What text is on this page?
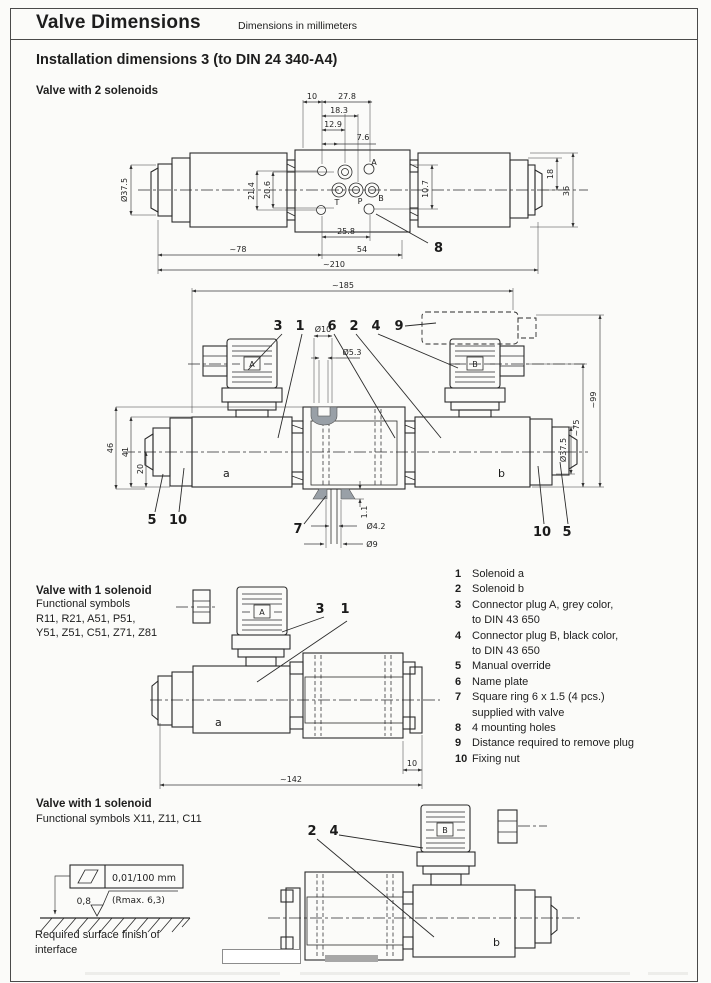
Valve Dimensions	Dimensions in millimeters
Installation dimensions 3 (to DIN 24 340-A4)
Valve with 2 solenoids
A
T P B
10	27.8
18.3
12.9
7.6
21.4 20.6	10.7
Ø37.5
18
36
25.8
~78	54
~210
8
A	B
a	b
~185
Ø10
Ø5.3
46 41
20
1.1
Ø4.2
Ø9
Ø37.5
~75
~99
3 1 6 2 4 9
5 10
7	10 5
Valve with 1 solenoid
Functional symbols
R11, R21, A51, P51,
Y51, Z51, C51, Z71, Z81
A
a
3 1
10
~142
1 Solenoid a
2 Solenoid b
3 Connector plug A, grey color,
to DIN 43 650
4 Connector plug B, black color,
to DIN 43 650
5 Manual override
6 Name plate
7 Square ring 6 x 1.5 (4 pcs.)
supplied with valve
8 4 mounting holes
9 Distance required to remove plug
10 Fixing nut
Valve with 1 solenoid
Functional symbols X11, Z11, C11
0,01/100 mm
0,8 (Rmax. 6,3)
Required surface finish of
interface
B
b
2 4
